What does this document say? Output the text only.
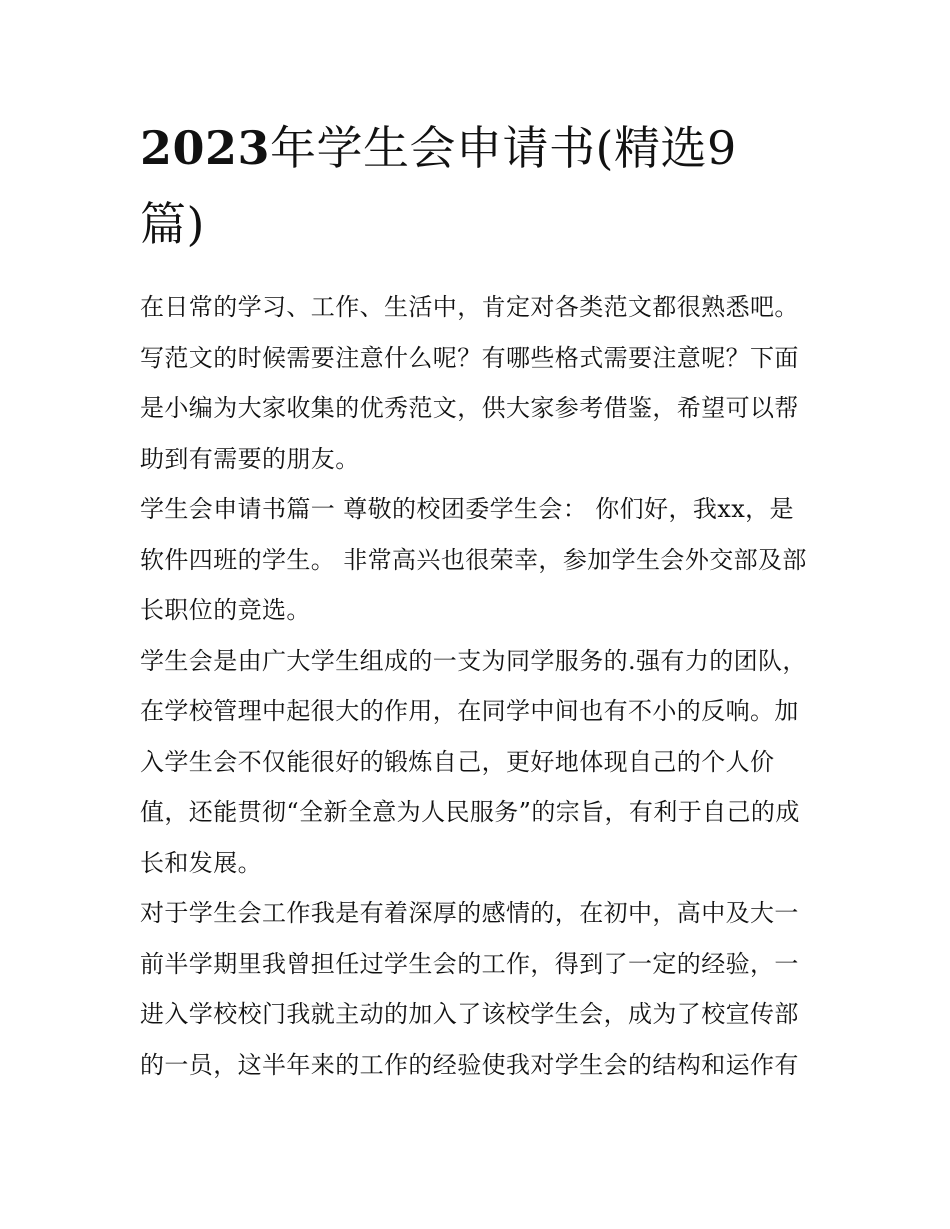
2023年学生会申请书(精选9篇)

在日常的学习、工作、生活中，肯定对各类范文都很熟悉吧。写范文的时候需要注意什么呢？有哪些格式需要注意呢？下面是小编为大家收集的优秀范文，供大家参考借鉴，希望可以帮助到有需要的朋友。

学生会申请书篇一 尊敬的校团委学生会： 你们好，我xx，是软件四班的学生。 非常高兴也很荣幸，参加学生会外交部及部长职位的竞选。

学生会是由广大学生组成的一支为同学服务的.强有力的团队，在学校管理中起很大的作用，在同学中间也有不小的反响。加入学生会不仅能很好的锻炼自己，更好地体现自己的个人价值，还能贯彻“全新全意为人民服务”的宗旨，有利于自己的成长和发展。

对于学生会工作我是有着深厚的感情的，在初中，高中及大一前半学期里我曾担任过学生会的工作，得到了一定的经验，一进入学校校门我就主动的加入了该校学生会，成为了校宣传部的一员，这半年来的工作的经验使我对学生会的结构和运作有
